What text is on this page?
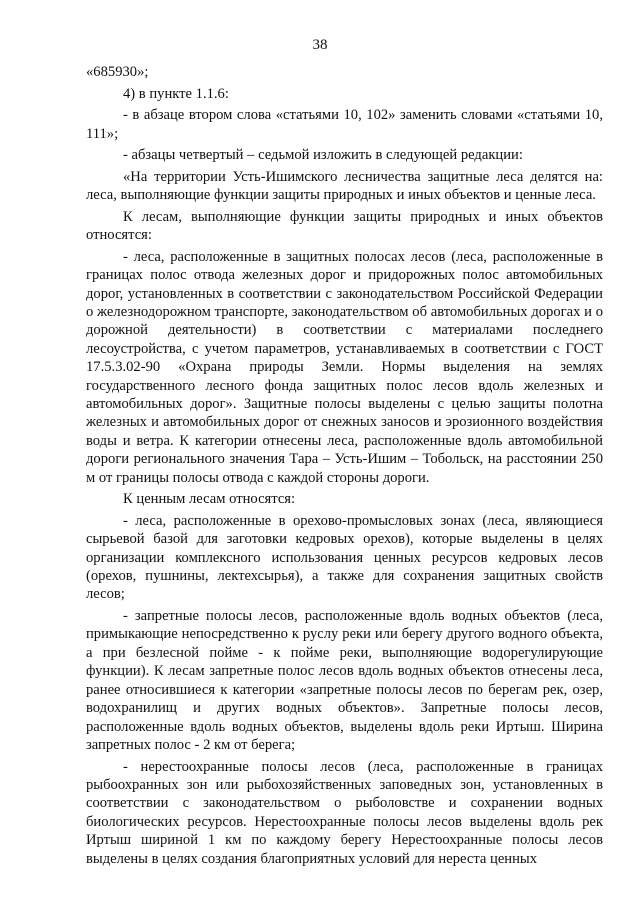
38

«685930»;

4) в пункте 1.1.6:

- в абзаце втором слова «статьями 10, 102» заменить словами «статьями 10, 111»;

- абзацы четвертый – седьмой изложить в следующей редакции:

«На территории Усть-Ишимского лесничества защитные леса делятся на: леса, выполняющие функции защиты природных и иных объектов и ценные леса.

К лесам, выполняющие функции защиты природных и иных объектов относятся:

- леса, расположенные в защитных полосах лесов (леса, расположенные в границах полос отвода железных дорог и придорожных полос автомобильных дорог, установленных в соответствии с законодательством Российской Федерации о железнодорожном транспорте, законодательством об автомобильных дорогах и о дорожной деятельности) в соответствии с материалами последнего лесоустройства, с учетом параметров, устанавливаемых в соответствии с ГОСТ 17.5.3.02-90 «Охрана природы Земли. Нормы выделения на землях государственного лесного фонда защитных полос лесов вдоль железных и автомобильных дорог». Защитные полосы выделены с целью защиты полотна железных и автомобильных дорог от снежных заносов и эрозионного воздействия воды и ветра. К категории отнесены леса, расположенные вдоль автомобильной дороги регионального значения Тара – Усть-Ишим – Тобольск, на расстоянии 250 м от границы полосы отвода с каждой стороны дороги.

К ценным лесам относятся:

- леса, расположенные в орехово-промысловых зонах (леса, являющиеся сырьевой базой для заготовки кедровых орехов), которые выделены в целях организации комплексного использования ценных ресурсов кедровых лесов (орехов, пушнины, лектехсырья), а также для сохранения защитных свойств лесов;

- запретные полосы лесов, расположенные вдоль водных объектов (леса, примыкающие непосредственно к руслу реки или берегу другого водного объекта, а при безлесной пойме - к пойме реки, выполняющие водорегулирующие функции). К лесам запретные полос лесов вдоль водных объектов отнесены леса, ранее относившиеся к категории «запретные полосы лесов по берегам рек, озер, водохранилищ и других водных объектов». Запретные полосы лесов, расположенные вдоль водных объектов, выделены вдоль реки Иртыш. Ширина запретных полос - 2 км от берега;

- нерестоохранные полосы лесов (леса, расположенные в границах рыбоохранных зон или рыбохозяйственных заповедных зон, установленных в соответствии с законодательством о рыболовстве и сохранении водных биологических ресурсов. Нерестоохранные полосы лесов выделены вдоль рек Иртыш шириной 1 км по каждому берегу Нерестоохранные полосы лесов выделены в целях создания благоприятных условий для нереста ценных
